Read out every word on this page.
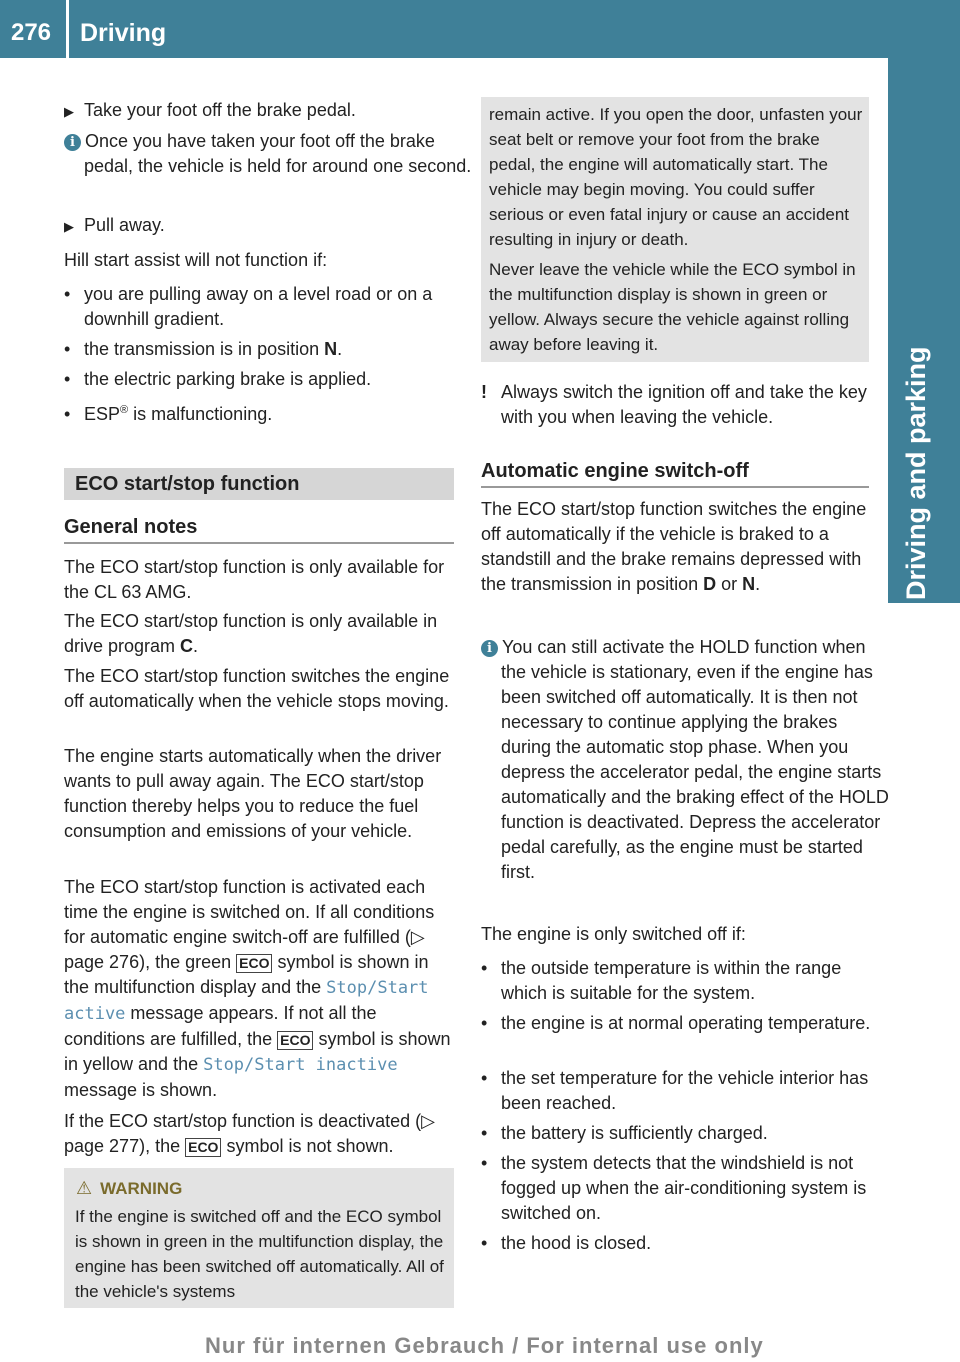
276	Driving
Driving and parking

▶ Take your foot off the brake pedal.

i Once you have taken your foot off the brake pedal, the vehicle is held for around one second.

▶ Pull away.

Hill start assist will not function if:

• you are pulling away on a level road or on a downhill gradient.

• the transmission is in position N.

• the electric parking brake is applied.

• ESP® is malfunctioning.

ECO start/stop function
General notes

The ECO start/stop function is only available for the CL 63 AMG.

The ECO start/stop function is only available in drive program C.

The ECO start/stop function switches the engine off automatically when the vehicle stops moving.

The engine starts automatically when the driver wants to pull away again. The ECO start/stop function thereby helps you to reduce the fuel consumption and emissions of your vehicle.

The ECO start/stop function is activated each time the engine is switched on. If all conditions for automatic engine switch-off are fulfilled (▷ page 276), the green ECO symbol is shown in the multifunction display and the Stop/Start active message appears. If not all the conditions are fulfilled, the ECO symbol is shown in yellow and the Stop/Start inactive message is shown.

If the ECO start/stop function is deactivated (▷ page 277), the ECO symbol is not shown.

⚠ WARNING

If the engine is switched off and the ECO symbol is shown in green in the multifunction display, the engine has been switched off automatically. All of the vehicle's systems

remain active. If you open the door, unfasten your seat belt or remove your foot from the brake pedal, the engine will automatically start. The vehicle may begin moving. You could suffer serious or even fatal injury or cause an accident resulting in injury or death.

Never leave the vehicle while the ECO symbol in the multifunction display is shown in green or yellow. Always secure the vehicle against rolling away before leaving it.

! Always switch the ignition off and take the key with you when leaving the vehicle.

Automatic engine switch-off

The ECO start/stop function switches the engine off automatically if the vehicle is braked to a standstill and the brake remains depressed with the transmission in position D or N.

i You can still activate the HOLD function when the vehicle is stationary, even if the engine has been switched off automatically. It is then not necessary to continue applying the brakes during the automatic stop phase. When you depress the accelerator pedal, the engine starts automatically and the braking effect of the HOLD function is deactivated. Depress the accelerator pedal carefully, as the engine must be started first.

The engine is only switched off if:

• the outside temperature is within the range which is suitable for the system.

• the engine is at normal operating temperature.

• the set temperature for the vehicle interior has been reached.

• the battery is sufficiently charged.

• the system detects that the windshield is not fogged up when the air-conditioning system is switched on.

• the hood is closed.

Nur für internen Gebrauch / For internal use only
